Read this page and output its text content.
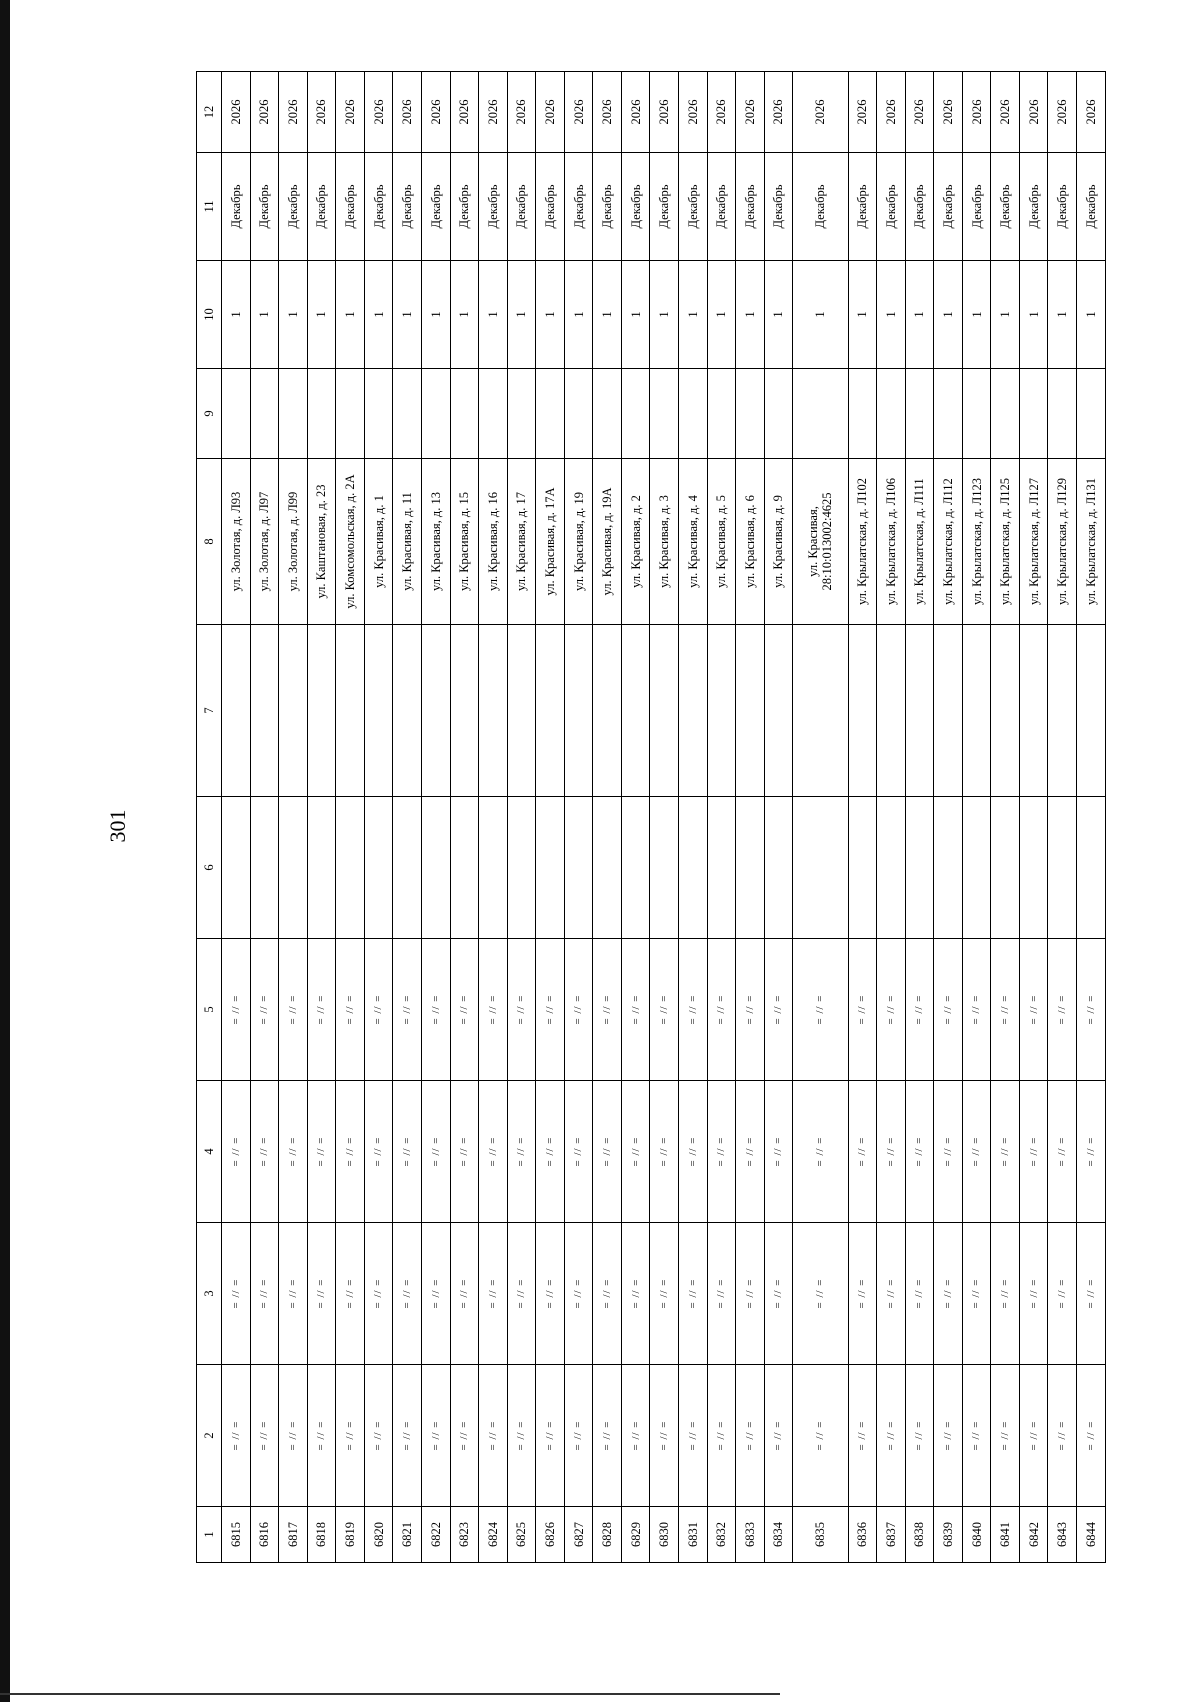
301
1	2	3	4	5	6	7	8	9	10	11	12
6815	= // =	= // =	= // =	= // =			ул. Золотая, д. Л93		1	Декабрь	2026
6816	= // =	= // =	= // =	= // =			ул. Золотая, д. Л97		1	Декабрь	2026
6817	= // =	= // =	= // =	= // =			ул. Золотая, д. Л99		1	Декабрь	2026
6818	= // =	= // =	= // =	= // =			ул. Каштановая, д. 23		1	Декабрь	2026
6819	= // =	= // =	= // =	= // =			ул. Комсомольская, д. 2А		1	Декабрь	2026
6820	= // =	= // =	= // =	= // =			ул. Красивая, д. 1		1	Декабрь	2026
6821	= // =	= // =	= // =	= // =			ул. Красивая, д. 11		1	Декабрь	2026
6822	= // =	= // =	= // =	= // =			ул. Красивая, д. 13		1	Декабрь	2026
6823	= // =	= // =	= // =	= // =			ул. Красивая, д. 15		1	Декабрь	2026
6824	= // =	= // =	= // =	= // =			ул. Красивая, д. 16		1	Декабрь	2026
6825	= // =	= // =	= // =	= // =			ул. Красивая, д. 17		1	Декабрь	2026
6826	= // =	= // =	= // =	= // =			ул. Красивая, д. 17А		1	Декабрь	2026
6827	= // =	= // =	= // =	= // =			ул. Красивая, д. 19		1	Декабрь	2026
6828	= // =	= // =	= // =	= // =			ул. Красивая, д. 19А		1	Декабрь	2026
6829	= // =	= // =	= // =	= // =			ул. Красивая, д. 2		1	Декабрь	2026
6830	= // =	= // =	= // =	= // =			ул. Красивая, д. 3		1	Декабрь	2026
6831	= // =	= // =	= // =	= // =			ул. Красивая, д. 4		1	Декабрь	2026
6832	= // =	= // =	= // =	= // =			ул. Красивая, д. 5		1	Декабрь	2026
6833	= // =	= // =	= // =	= // =			ул. Красивая, д. 6		1	Декабрь	2026
6834	= // =	= // =	= // =	= // =			ул. Красивая, д. 9		1	Декабрь	2026
6835	= // =	= // =	= // =	= // =			ул. Красивая, 28:10:013002:4625		1	Декабрь	2026
6836	= // =	= // =	= // =	= // =			ул. Крылатская, д. Л102		1	Декабрь	2026
6837	= // =	= // =	= // =	= // =			ул. Крылатская, д. Л106		1	Декабрь	2026
6838	= // =	= // =	= // =	= // =			ул. Крылатская, д. Л111		1	Декабрь	2026
6839	= // =	= // =	= // =	= // =			ул. Крылатская, д. Л112		1	Декабрь	2026
6840	= // =	= // =	= // =	= // =			ул. Крылатская, д. Л123		1	Декабрь	2026
6841	= // =	= // =	= // =	= // =			ул. Крылатская, д. Л125		1	Декабрь	2026
6842	= // =	= // =	= // =	= // =			ул. Крылатская, д. Л127		1	Декабрь	2026
6843	= // =	= // =	= // =	= // =			ул. Крылатская, д. Л129		1	Декабрь	2026
6844	= // =	= // =	= // =	= // =			ул. Крылатская, д. Л131		1	Декабрь	2026
